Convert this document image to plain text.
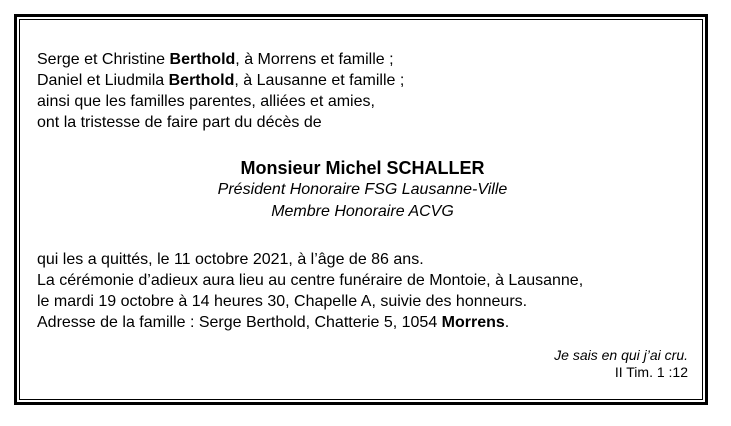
Serge et Christine Berthold, à Morrens et famille ;
Daniel et Liudmila Berthold, à Lausanne et famille ;
ainsi que les familles parentes, alliées et amies,
ont la tristesse de faire part du décès de
Monsieur Michel SCHALLER
Président Honoraire FSG Lausanne-Ville
Membre Honoraire ACVG
qui les a quittés, le 11 octobre 2021, à l’âge de 86 ans.
La cérémonie d’adieux aura lieu au centre funéraire de Montoie, à Lausanne,
le mardi 19 octobre à 14 heures 30, Chapelle A, suivie des honneurs.
Adresse de la famille : Serge Berthold, Chatterie 5, 1054 Morrens.
Je sais en qui j’ai cru.
II Tim. 1 :12
